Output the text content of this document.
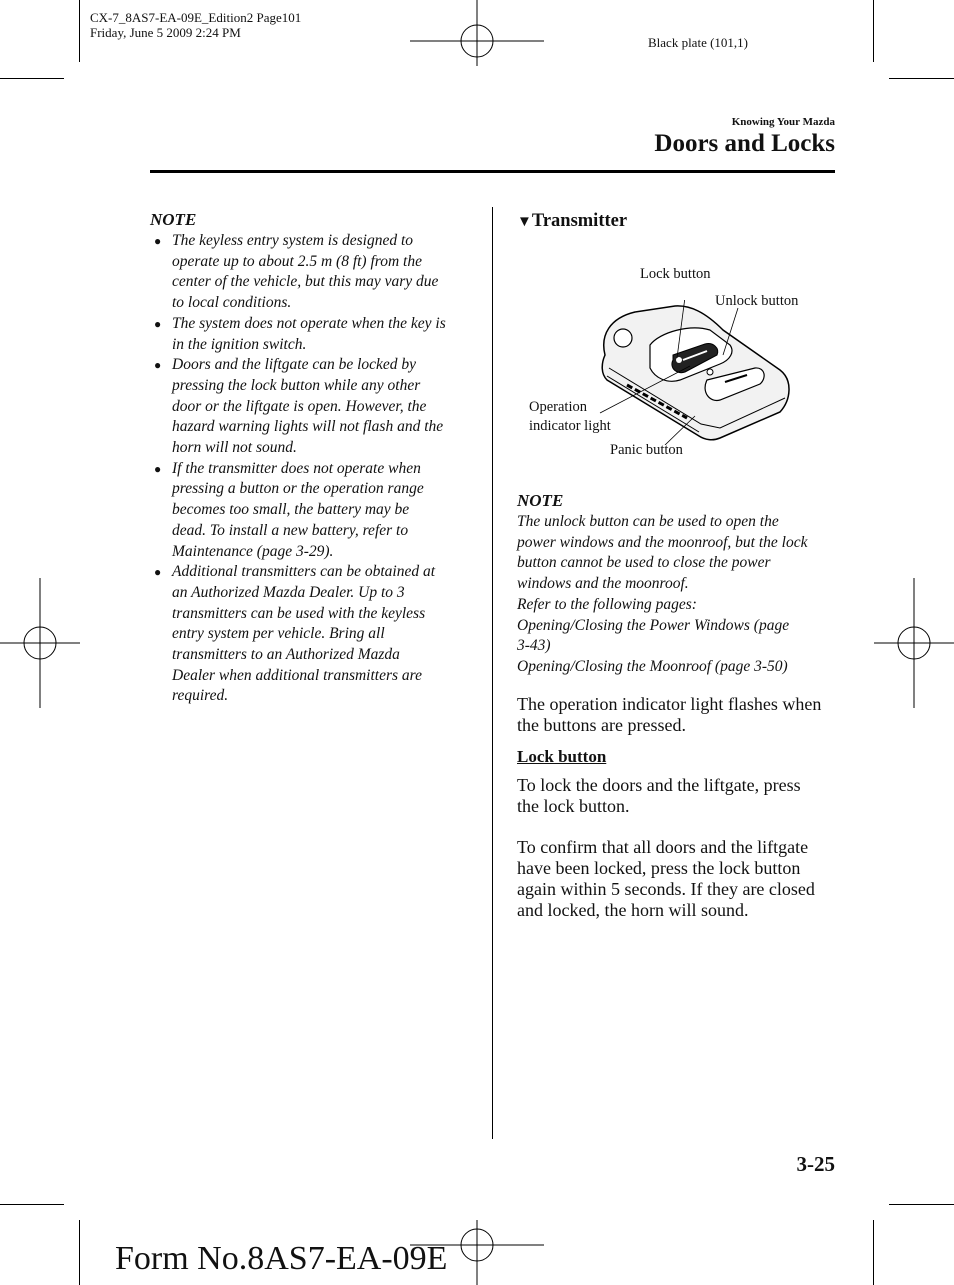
CX-7_8AS7-EA-09E_Edition2 Page101
Friday, June 5 2009 2:24 PM
Black plate (101,1)
Knowing Your Mazda
Doors and Locks
NOTE
● The keyless entry system is designed to
operate up to about 2.5 m (8 ft) from the
center of the vehicle, but this may vary due
to local conditions.
● The system does not operate when the key is
in the ignition switch.
● Doors and the liftgate can be locked by
pressing the lock button while any other
door or the liftgate is open. However, the
hazard warning lights will not flash and the
horn will not sound.
● If the transmitter does not operate when
pressing a button or the operation range
becomes too small, the battery may be
dead. To install a new battery, refer to
Maintenance (page 3-29).
● Additional transmitters can be obtained at
an Authorized Mazda Dealer. Up to 3
transmitters can be used with the keyless
entry system per vehicle. Bring all
transmitters to an Authorized Mazda
Dealer when additional transmitters are
required.
▼Transmitter
Lock button
Unlock button
Operation
indicator light
Panic button
NOTE
The unlock button can be used to open the
power windows and the moonroof, but the lock
button cannot be used to close the power
windows and the moonroof.
Refer to the following pages:
Opening/Closing the Power Windows (page
3-43)
Opening/Closing the Moonroof (page 3-50)
The operation indicator light flashes when
the buttons are pressed.
Lock button
To lock the doors and the liftgate, press
the lock button.
To confirm that all doors and the liftgate
have been locked, press the lock button
again within 5 seconds. If they are closed
and locked, the horn will sound.
3-25
Form No.8AS7-EA-09E
